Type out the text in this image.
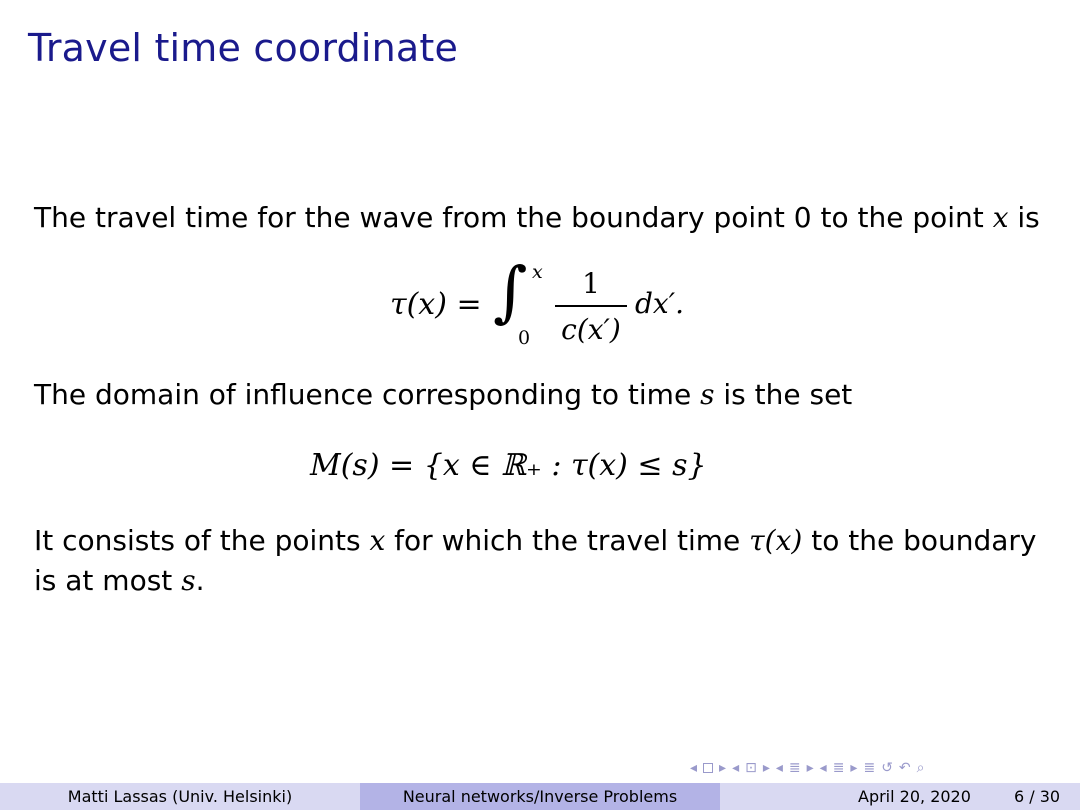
Travel time coordinate

The travel time for the wave from the boundary point 0 to the point x is

τ(x) = ∫ x
0
1
c(x′)
dx′.

The domain of influence corresponding to time s is the set

M(s) = {x ∈ ℝ₊ : τ(x) ≤ s}

It consists of the points x for which the travel time τ(x) to the boundary is at most s.

◂ ▸ ◂ ⊡ ▸ ◂ ≣ ▸ ◂ ≣ ▸ ≣ ↺ ↶ ⌕
Matti Lassas (Univ. Helsinki)	Neural networks/Inverse Problems	April 20, 2020	6 / 30
